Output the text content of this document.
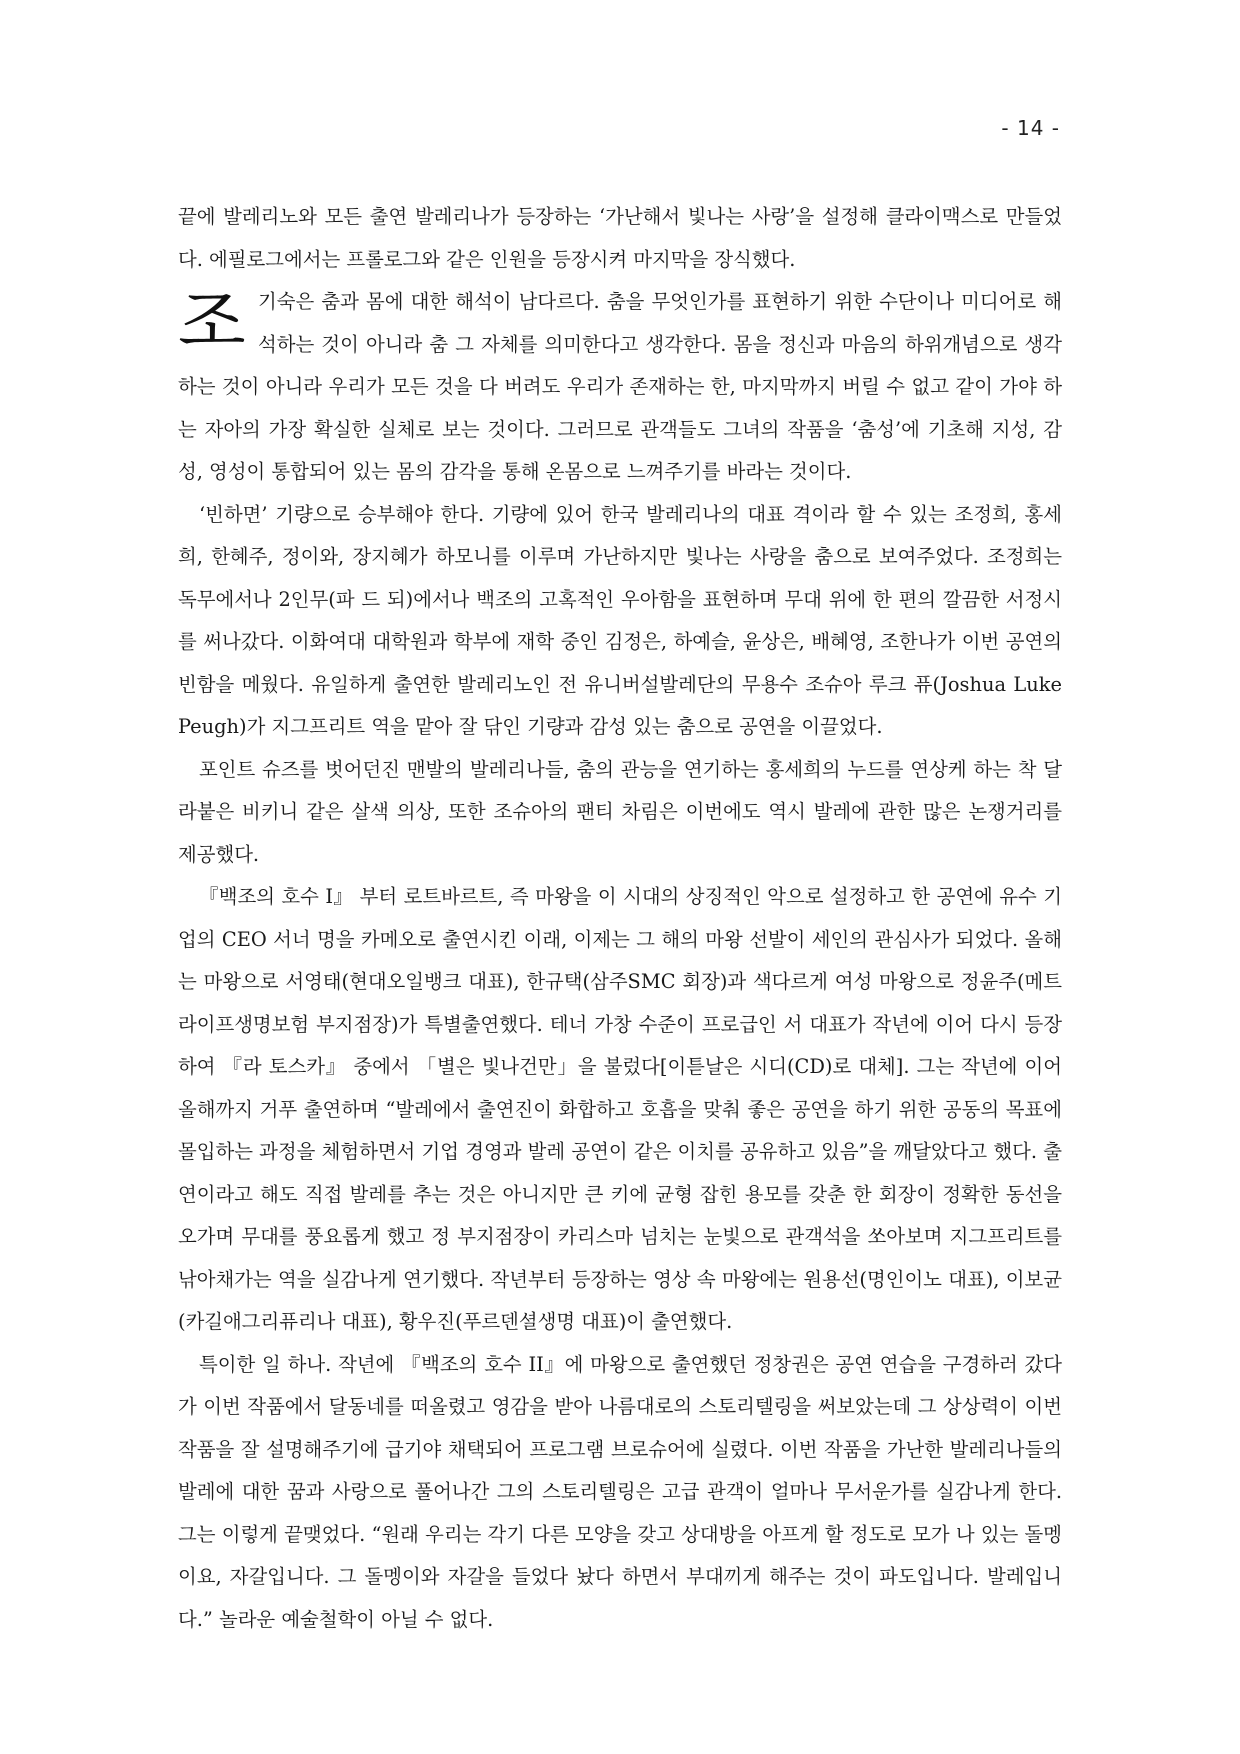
- 14 -

끝에 발레리노와 모든 출연 발레리나가 등장하는 ‘가난해서 빛나는 사랑’을 설정해 클라이맥스로 만들었다. 에필로그에서는 프롤로그와 같은 인원을 등장시켜 마지막을 장식했다.

조기숙은 춤과 몸에 대한 해석이 남다르다. 춤을 무엇인가를 표현하기 위한 수단이나 미디어로 해석하는 것이 아니라 춤 그 자체를 의미한다고 생각한다. 몸을 정신과 마음의 하위개념으로 생각하는 것이 아니라 우리가 모든 것을 다 버려도 우리가 존재하는 한, 마지막까지 버릴 수 없고 같이 가야 하는 자아의 가장 확실한 실체로 보는 것이다. 그러므로 관객들도 그녀의 작품을 ‘춤성’에 기초해 지성, 감성, 영성이 통합되어 있는 몸의 감각을 통해 온몸으로 느껴주기를 바라는 것이다.

‘빈하면’ 기량으로 승부해야 한다. 기량에 있어 한국 발레리나의 대표 격이라 할 수 있는 조정희, 홍세희, 한혜주, 정이와, 장지혜가 하모니를 이루며 가난하지만 빛나는 사랑을 춤으로 보여주었다. 조정희는 독무에서나 2인무(파 드 되)에서나 백조의 고혹적인 우아함을 표현하며 무대 위에 한 편의 깔끔한 서정시를 써나갔다. 이화여대 대학원과 학부에 재학 중인 김정은, 하예슬, 윤상은, 배혜영, 조한나가 이번 공연의 빈함을 메웠다. 유일하게 출연한 발레리노인 전 유니버설발레단의 무용수 조슈아 루크 퓨(Joshua Luke Peugh)가 지그프리트 역을 맡아 잘 닦인 기량과 감성 있는 춤으로 공연을 이끌었다.

포인트 슈즈를 벗어던진 맨발의 발레리나들, 춤의 관능을 연기하는 홍세희의 누드를 연상케 하는 착 달라붙은 비키니 같은 살색 의상, 또한 조슈아의 팬티 차림은 이번에도 역시 발레에 관한 많은 논쟁거리를 제공했다.

『백조의 호수 I』 부터 로트바르트, 즉 마왕을 이 시대의 상징적인 악으로 설정하고 한 공연에 유수 기업의 CEO 서너 명을 카메오로 출연시킨 이래, 이제는 그 해의 마왕 선발이 세인의 관심사가 되었다. 올해는 마왕으로 서영태(현대오일뱅크 대표), 한규택(삼주SMC 회장)과 색다르게 여성 마왕으로 정윤주(메트라이프생명보험 부지점장)가 특별출연했다. 테너 가창 수준이 프로급인 서 대표가 작년에 이어 다시 등장하여 『라 토스카』 중에서 「별은 빛나건만」을 불렀다[이튿날은 시디(CD)로 대체]. 그는 작년에 이어 올해까지 거푸 출연하며 “발레에서 출연진이 화합하고 호흡을 맞춰 좋은 공연을 하기 위한 공동의 목표에 몰입하는 과정을 체험하면서 기업 경영과 발레 공연이 같은 이치를 공유하고 있음”을 깨달았다고 했다. 출연이라고 해도 직접 발레를 추는 것은 아니지만 큰 키에 균형 잡힌 용모를 갖춘 한 회장이 정확한 동선을 오가며 무대를 풍요롭게 했고 정 부지점장이 카리스마 넘치는 눈빛으로 관객석을 쏘아보며 지그프리트를 낚아채가는 역을 실감나게 연기했다. 작년부터 등장하는 영상 속 마왕에는 원용선(명인이노 대표), 이보균(카길애그리퓨리나 대표), 황우진(푸르덴셜생명 대표)이 출연했다.

특이한 일 하나. 작년에 『백조의 호수 II』에 마왕으로 출연했던 정창권은 공연 연습을 구경하러 갔다가 이번 작품에서 달동네를 떠올렸고 영감을 받아 나름대로의 스토리텔링을 써보았는데 그 상상력이 이번 작품을 잘 설명해주기에 급기야 채택되어 프로그램 브로슈어에 실렸다. 이번 작품을 가난한 발레리나들의 발레에 대한 꿈과 사랑으로 풀어나간 그의 스토리텔링은 고급 관객이 얼마나 무서운가를 실감나게 한다. 그는 이렇게 끝맺었다. “원래 우리는 각기 다른 모양을 갖고 상대방을 아프게 할 정도로 모가 나 있는 돌멩이요, 자갈입니다. 그 돌멩이와 자갈을 들었다 놨다 하면서 부대끼게 해주는 것이 파도입니다. 발레입니다.” 놀라운 예술철학이 아닐 수 없다.
